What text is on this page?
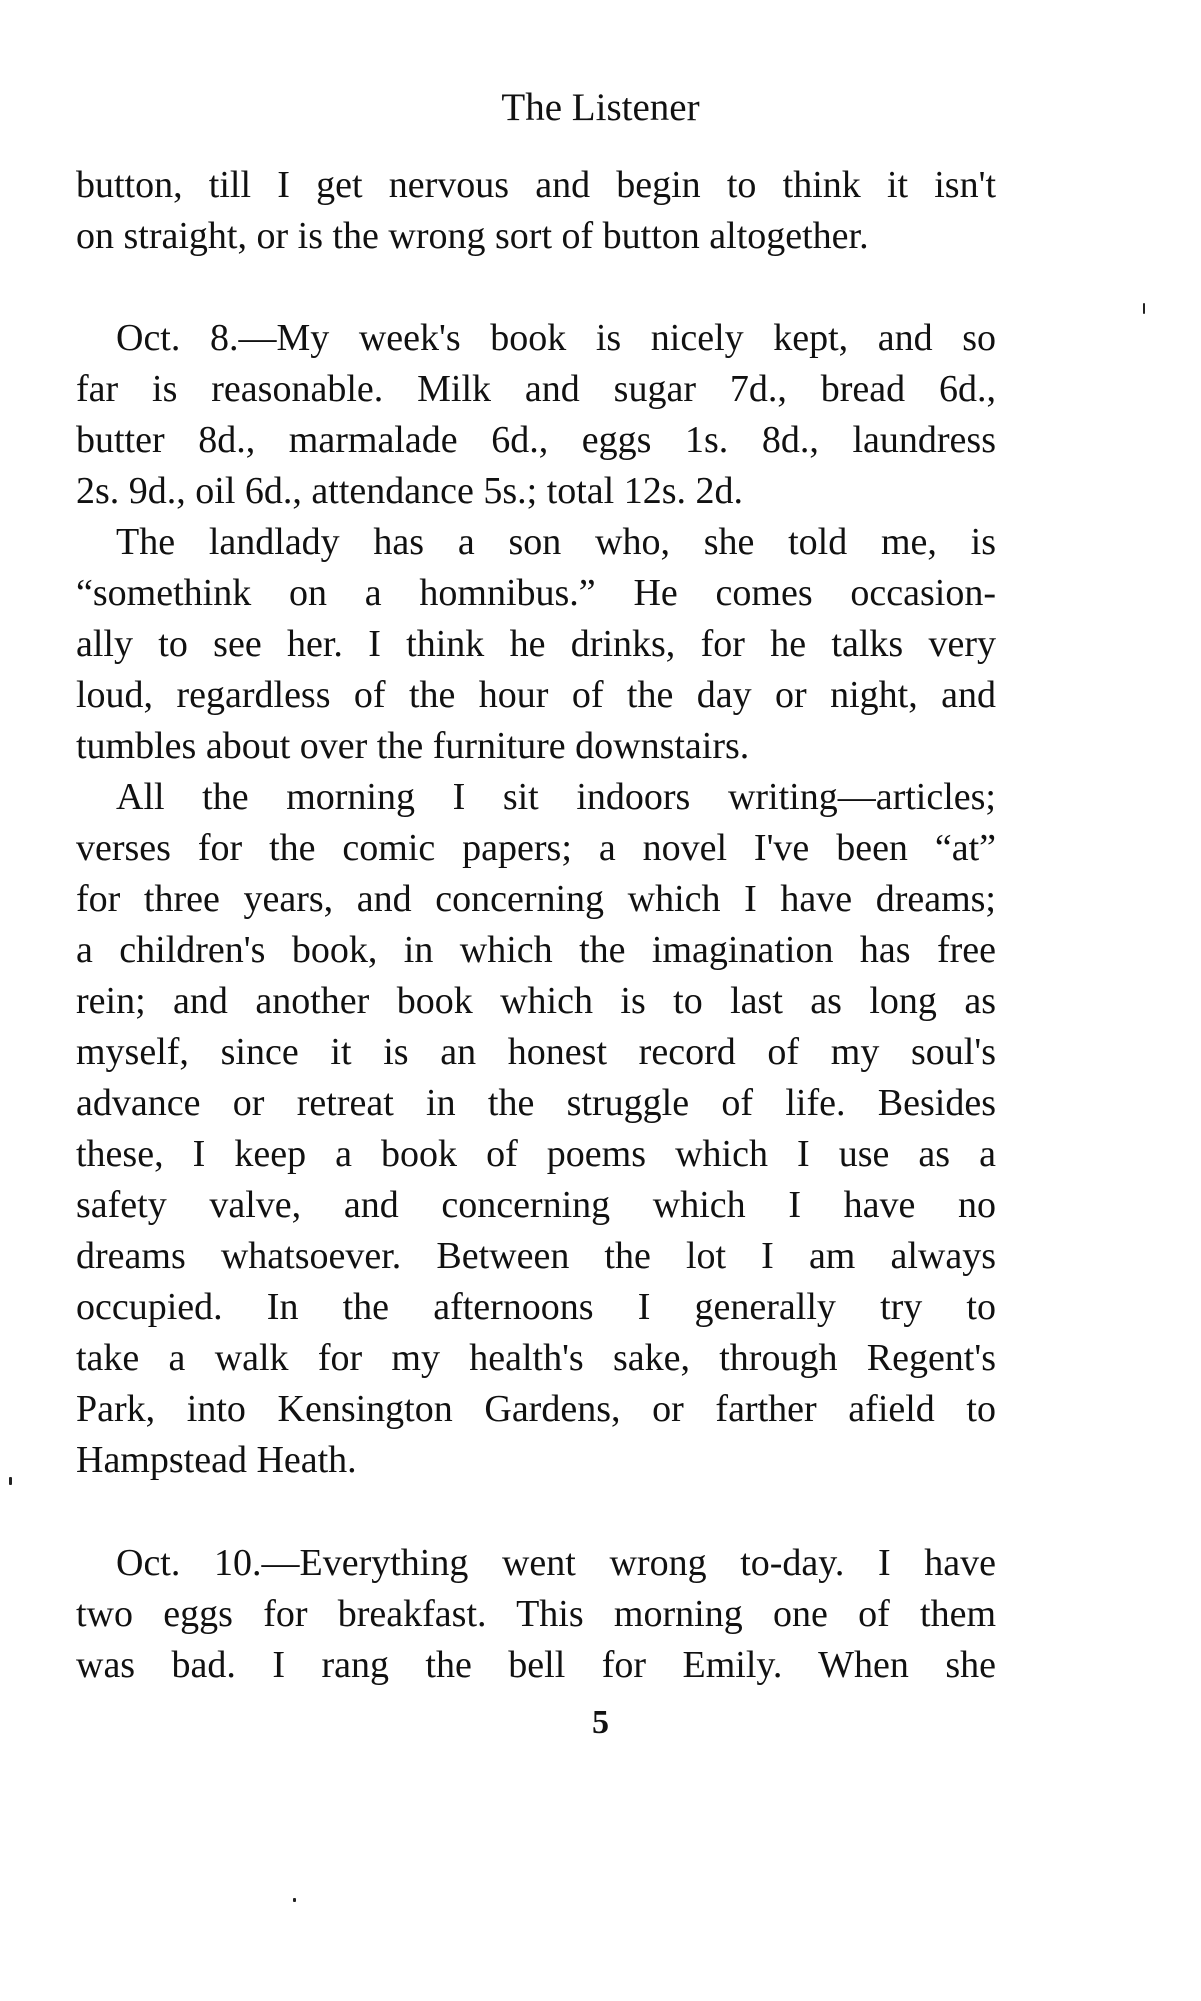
The Listener
button, till I get nervous and begin to think it isn't
on straight, or is the wrong sort of button altogether.
Oct. 8.—My week's book is nicely kept, and so
far is reasonable. Milk and sugar 7d., bread 6d.,
butter 8d., marmalade 6d., eggs 1s. 8d., laundress
2s. 9d., oil 6d., attendance 5s.; total 12s. 2d.
The landlady has a son who, she told me, is
“somethink on a homnibus.” He comes occasion-
ally to see her. I think he drinks, for he talks very
loud, regardless of the hour of the day or night, and
tumbles about over the furniture downstairs.
All the morning I sit indoors writing—articles;
verses for the comic papers; a novel I've been “at”
for three years, and concerning which I have dreams;
a children's book, in which the imagination has free
rein; and another book which is to last as long as
myself, since it is an honest record of my soul's
advance or retreat in the struggle of life. Besides
these, I keep a book of poems which I use as a
safety valve, and concerning which I have no
dreams whatsoever. Between the lot I am always
occupied. In the afternoons I generally try to
take a walk for my health's sake, through Regent's
Park, into Kensington Gardens, or farther afield to
Hampstead Heath.
Oct. 10.—Everything went wrong to-day. I have
two eggs for breakfast. This morning one of them
was bad. I rang the bell for Emily. When she
5
